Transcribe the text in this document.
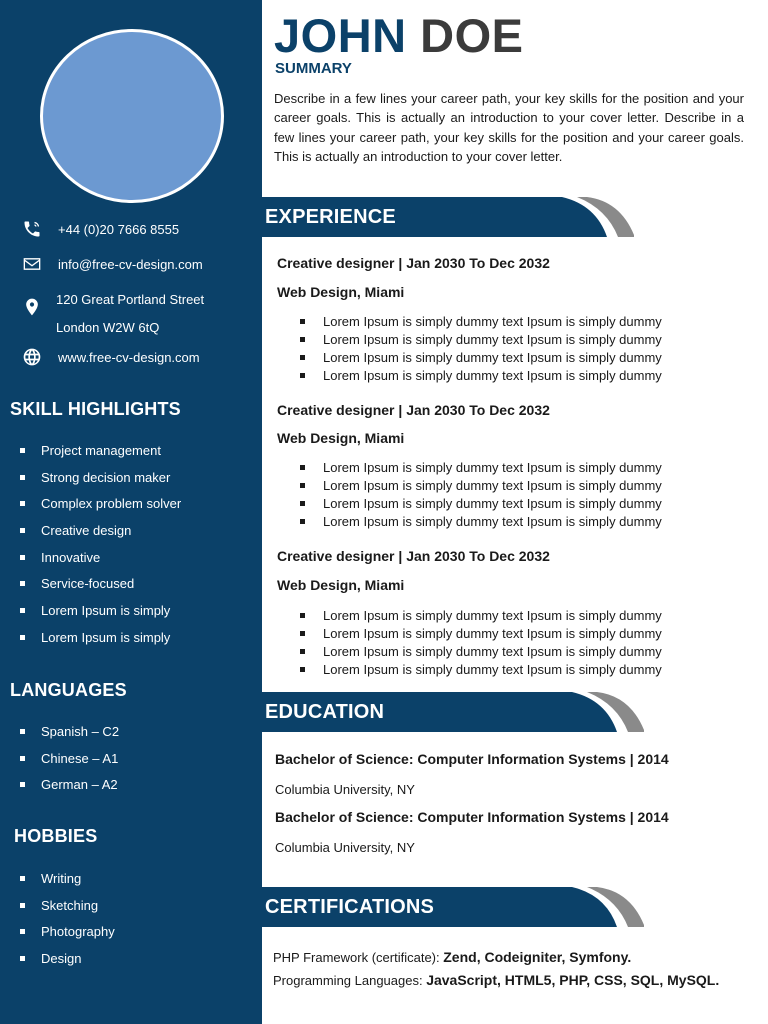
+44 (0)20 7666 8555
info@free-cv-design.com
120 Great Portland Street
London W2W 6tQ
www.free-cv-design.com
SKILL HIGHLIGHTS
Project management
Strong decision maker
Complex problem solver
Creative design
Innovative
Service-focused
Lorem Ipsum is simply
Lorem Ipsum is simply
LANGUAGES
Spanish – C2
Chinese – A1
German – A2
HOBBIES
Writing
Sketching
Photography
Design
JOHN DOE
SUMMARY
Describe in a few lines your career path, your key skills for the position and your career goals. This is actually an introduction to your cover letter. Describe in a few lines your career path, your key skills for the position and your career goals. This is actually an introduction to your cover letter.
EXPERIENCE
Creative designer | Jan 2030 To Dec 2032
Web Design, Miami
Lorem Ipsum is simply dummy text Ipsum is simply dummy
Lorem Ipsum is simply dummy text Ipsum is simply dummy
Lorem Ipsum is simply dummy text Ipsum is simply dummy
Lorem Ipsum is simply dummy text Ipsum is simply dummy
Creative designer | Jan 2030 To Dec 2032
Web Design, Miami
Lorem Ipsum is simply dummy text Ipsum is simply dummy
Lorem Ipsum is simply dummy text Ipsum is simply dummy
Lorem Ipsum is simply dummy text Ipsum is simply dummy
Lorem Ipsum is simply dummy text Ipsum is simply dummy
Creative designer | Jan 2030 To Dec 2032
Web Design, Miami
Lorem Ipsum is simply dummy text Ipsum is simply dummy
Lorem Ipsum is simply dummy text Ipsum is simply dummy
Lorem Ipsum is simply dummy text Ipsum is simply dummy
Lorem Ipsum is simply dummy text Ipsum is simply dummy
EDUCATION
Bachelor of Science: Computer Information Systems | 2014
Columbia University, NY
Bachelor of Science: Computer Information Systems | 2014
Columbia University, NY
CERTIFICATIONS
PHP Framework (certificate): Zend, Codeigniter, Symfony.
Programming Languages: JavaScript, HTML5, PHP, CSS, SQL, MySQL.
